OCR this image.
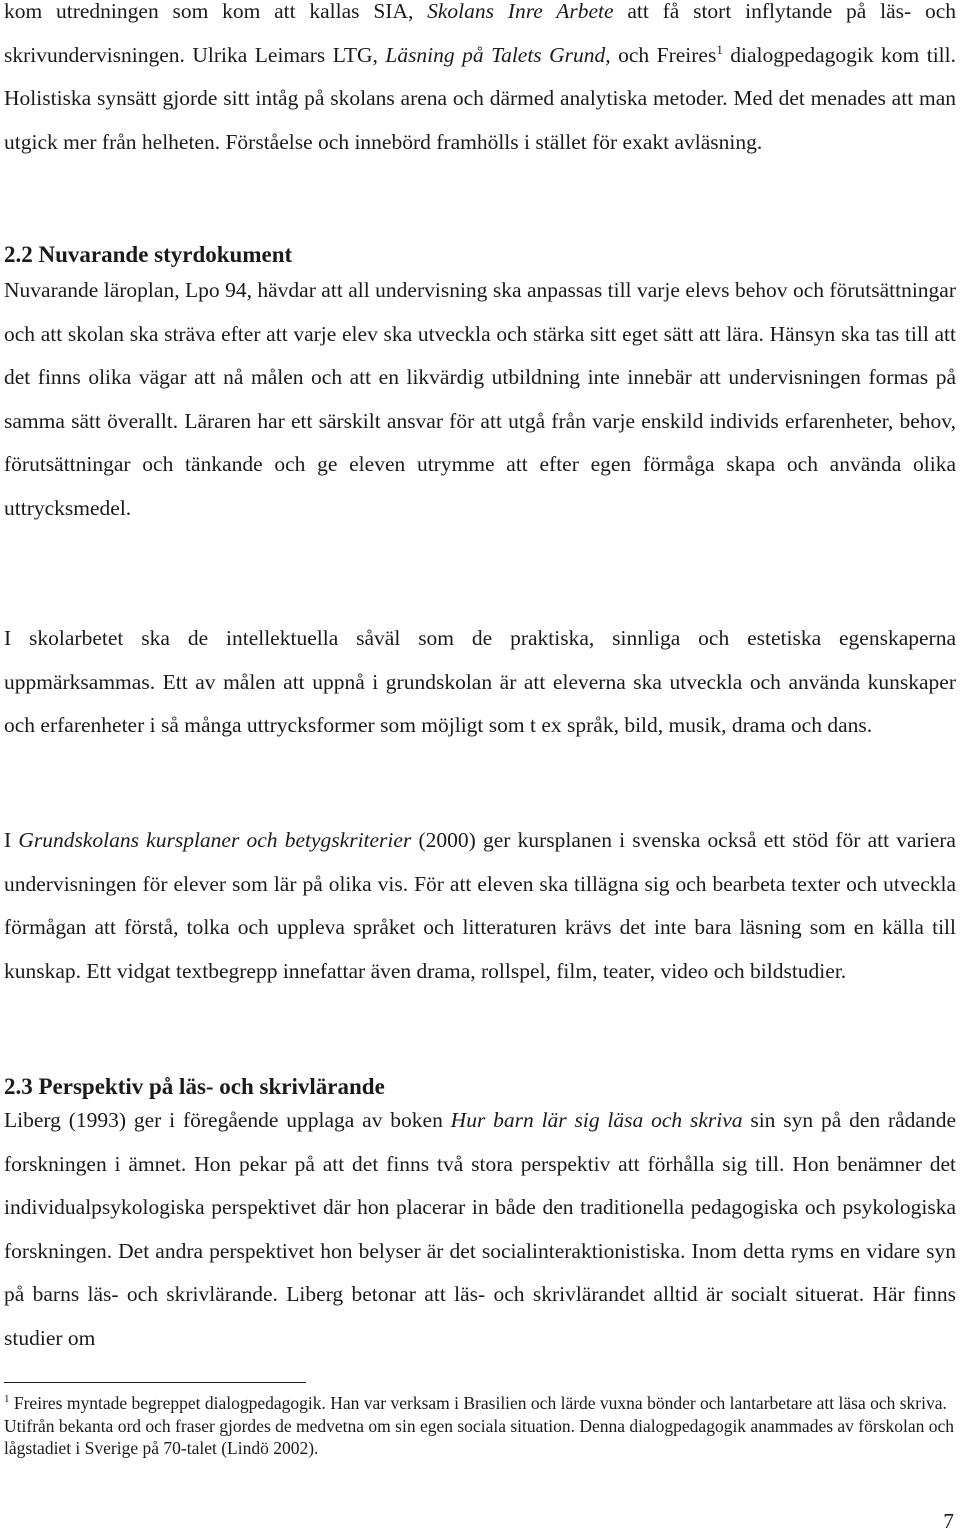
kom utredningen som kom att kallas SIA, Skolans Inre Arbete att få stort inflytande på läs- och skrivundervisningen. Ulrika Leimars LTG, Läsning på Talets Grund, och Freires$^1$ dialogpedagogik kom till. Holistiska synsätt gjorde sitt intåg på skolans arena och därmed analytiska metoder. Med det menades att man utgick mer från helheten. Förståelse och innebörd framhölls i stället för exakt avläsning.

2.2 Nuvarande styrdokument

Nuvarande läroplan, Lpo 94, hävdar att all undervisning ska anpassas till varje elevs behov och förutsättningar och att skolan ska sträva efter att varje elev ska utveckla och stärka sitt eget sätt att lära. Hänsyn ska tas till att det finns olika vägar att nå målen och att en likvärdig utbildning inte innebär att undervisningen formas på samma sätt överallt. Läraren har ett särskilt ansvar för att utgå från varje enskild individs erfarenheter, behov, förutsättningar och tänkande och ge eleven utrymme att efter egen förmåga skapa och använda olika uttrycksmedel.

I skolarbetet ska de intellektuella såväl som de praktiska, sinnliga och estetiska egenskaperna uppmärksammas. Ett av målen att uppnå i grundskolan är att eleverna ska utveckla och använda kunskaper och erfarenheter i så många uttrycksformer som möjligt som t ex språk, bild, musik, drama och dans.

I Grundskolans kursplaner och betygskriterier (2000) ger kursplanen i svenska också ett stöd för att variera undervisningen för elever som lär på olika vis. För att eleven ska tillägna sig och bearbeta texter och utveckla förmågan att förstå, tolka och uppleva språket och litteraturen krävs det inte bara läsning som en källa till kunskap. Ett vidgat textbegrepp innefattar även drama, rollspel, film, teater, video och bildstudier.

2.3 Perspektiv på läs- och skrivlärande

Liberg (1993) ger i föregående upplaga av boken Hur barn lär sig läsa och skriva sin syn på den rådande forskningen i ämnet. Hon pekar på att det finns två stora perspektiv att förhålla sig till. Hon benämner det individualpsykologiska perspektivet där hon placerar in både den traditionella pedagogiska och psykologiska forskningen. Det andra perspektivet hon belyser är det socialinteraktionistiska. Inom detta ryms en vidare syn på barns läs- och skrivlärande. Liberg betonar att läs- och skrivlärandet alltid är socialt situerat. Här finns studier om

$^1$ Freires myntade begreppet dialogpedagogik. Han var verksam i Brasilien och lärde vuxna bönder och lantarbetare att läsa och skriva. Utifrån bekanta ord och fraser gjordes de medvetna om sin egen sociala situation. Denna dialogpedagogik anammades av förskolan och lågstadiet i Sverige på 70-talet (Lindö 2002).

7
